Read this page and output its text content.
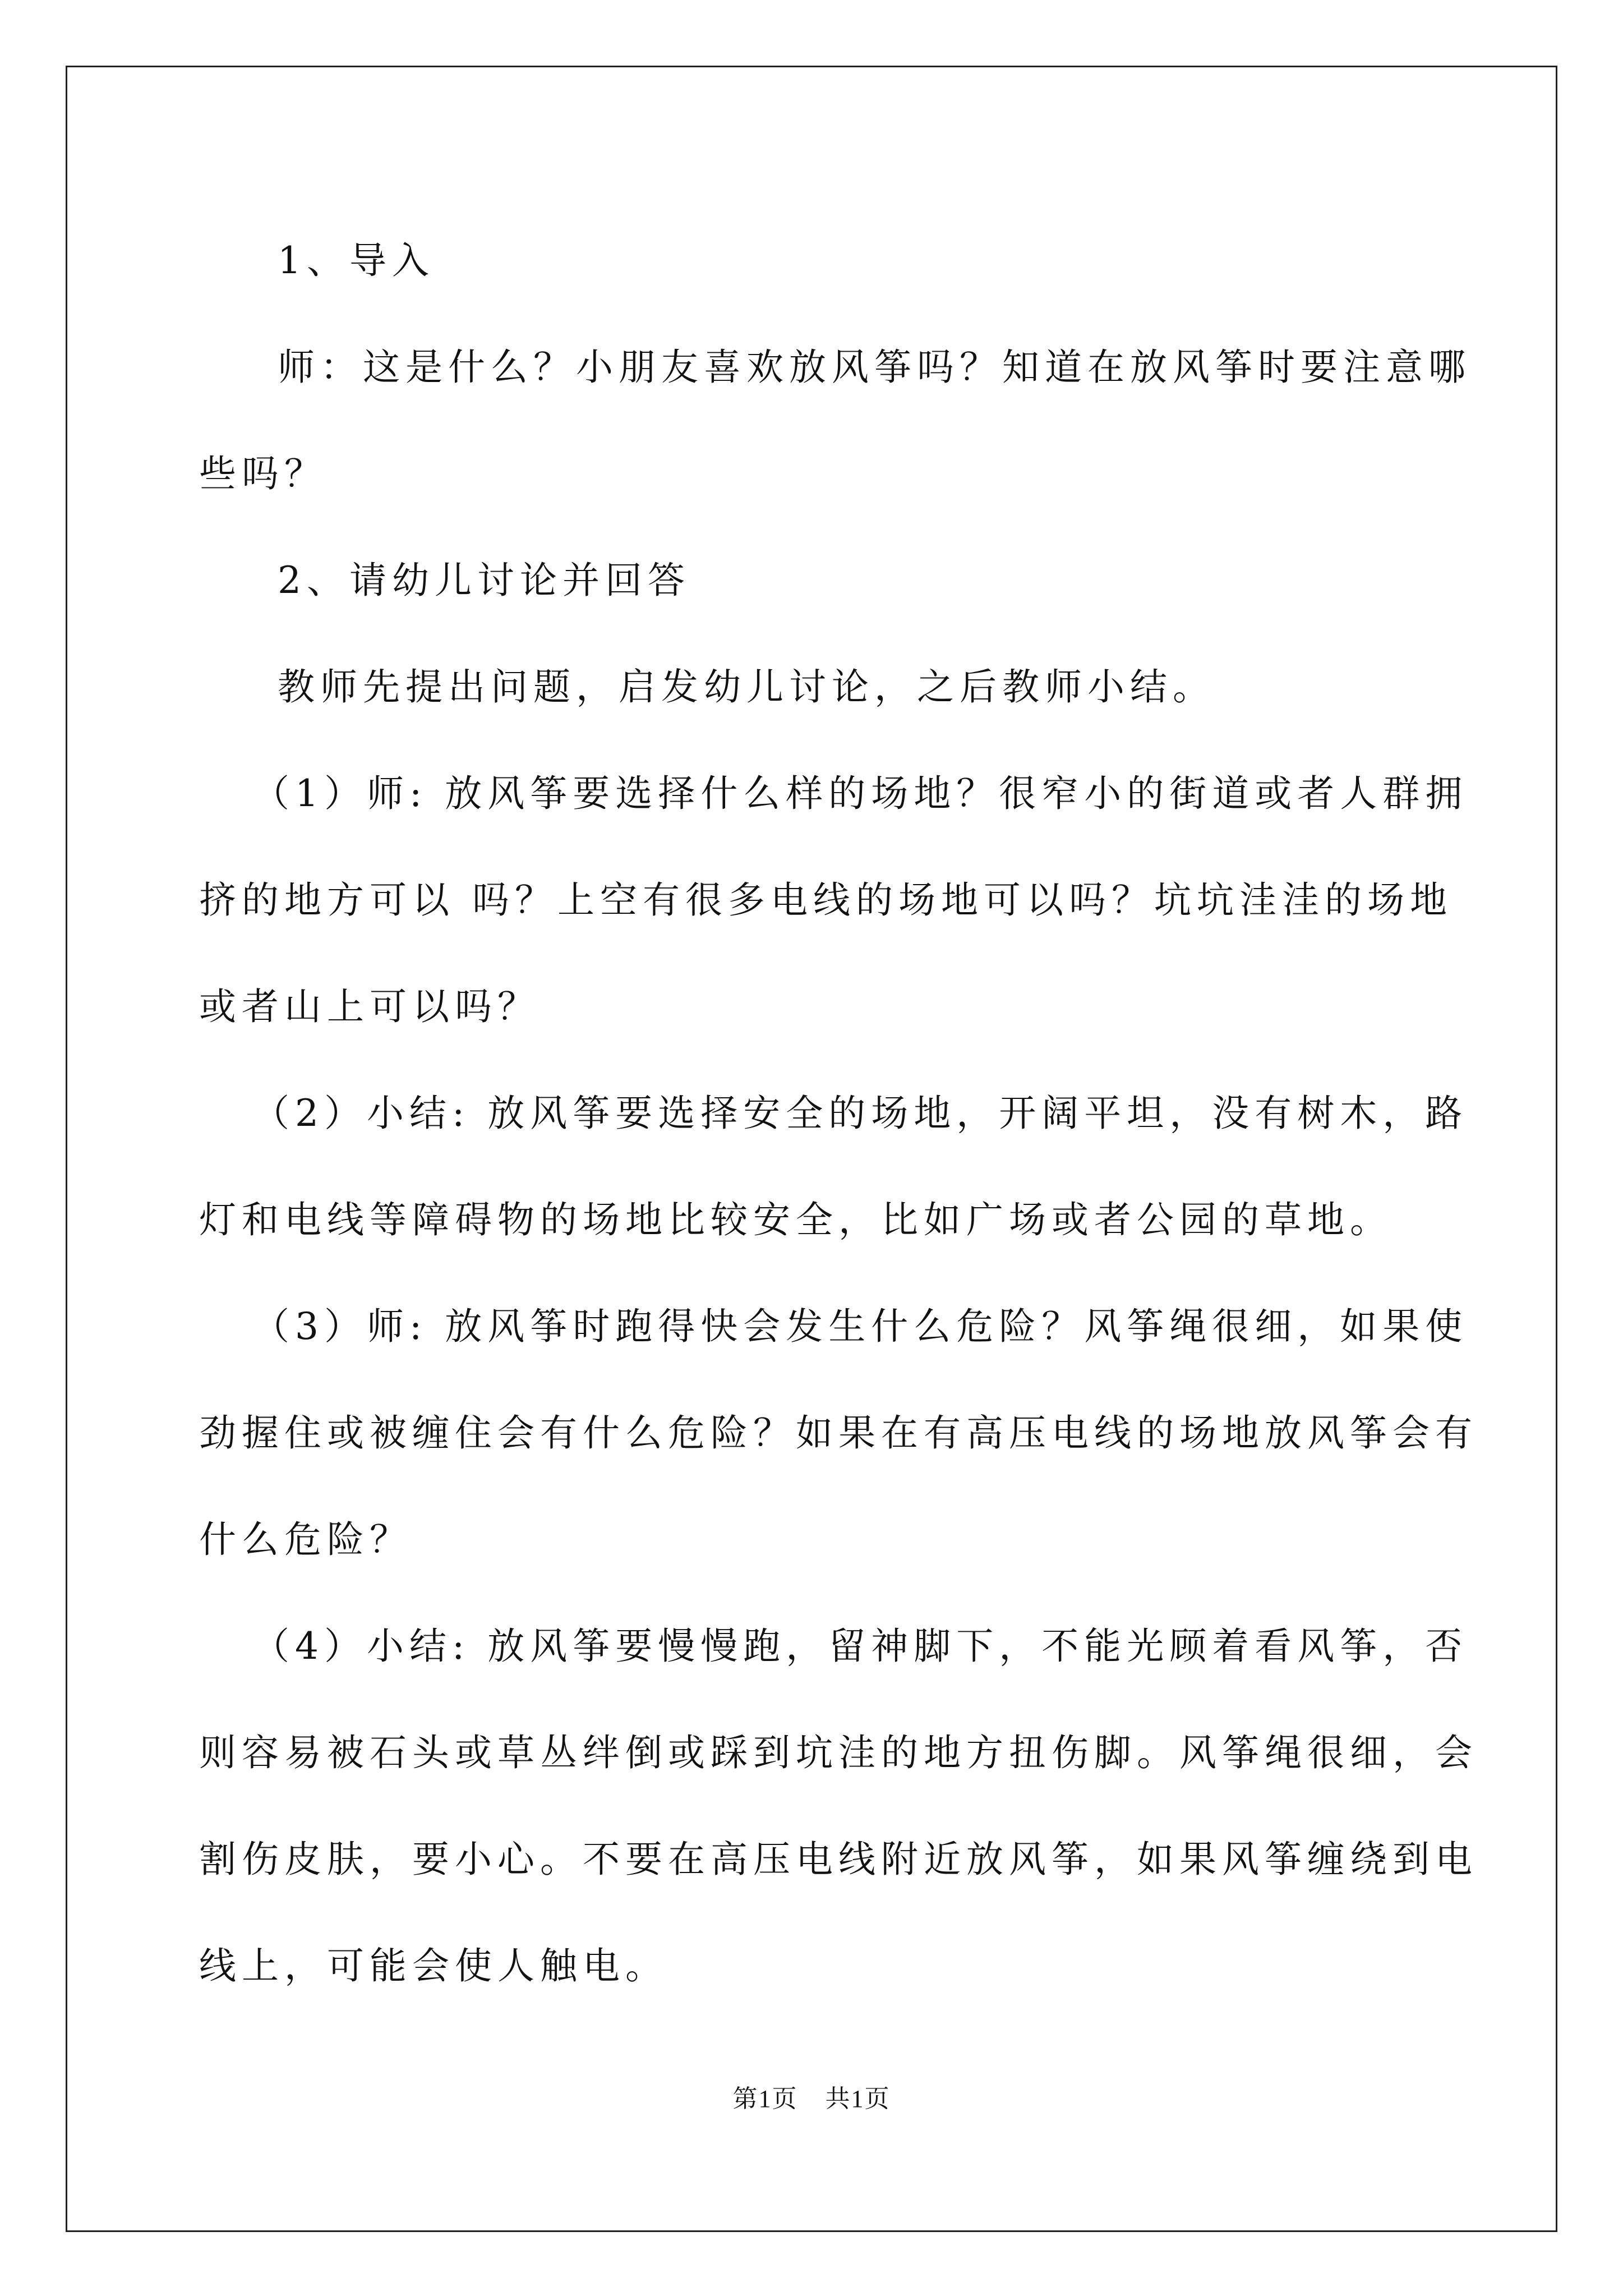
1、导入
师：这是什么？小朋友喜欢放风筝吗？知道在放风筝时要注意哪
些吗？
2、请幼儿讨论并回答
教师先提出问题，启发幼儿讨论，之后教师小结。
（1）师: 放风筝要选择什么样的场地？很窄小的街道或者人群拥
挤的地方可以 吗？上空有很多电线的场地可以吗？坑坑洼洼的场地
或者山上可以吗？
（2）小结: 放风筝要选择安全的场地，开阔平坦，没有树木，路
灯和电线等障碍物的场地比较安全，比如广场或者公园的草地。
（3）师: 放风筝时跑得快会发生什么危险？风筝绳很细，如果使
劲握住或被缠住会有什么危险？如果在有高压电线的场地放风筝会有
什么危险？
（4）小结: 放风筝要慢慢跑，留神脚下，不能光顾着看风筝，否
则容易被石头或草丛绊倒或踩到坑洼的地方扭伤脚。风筝绳很细，会
割伤皮肤，要小心。不要在高压电线附近放风筝，如果风筝缠绕到电
线上，可能会使人触电。
第1页 共1页
